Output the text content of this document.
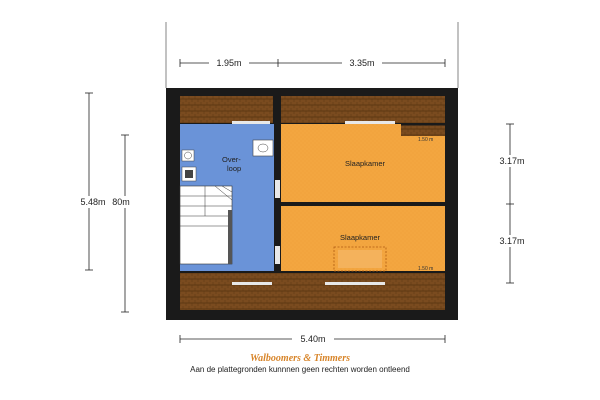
1.95m	3.35m
Over-
loop
Slaapkamer
Slaapkamer
1.50 m
1.50 m
5.48m 80m
3.17m
3.17m
5.40m
Walboomers & Timmers
Aan de plattegronden kunnnen geen rechten worden ontleend
